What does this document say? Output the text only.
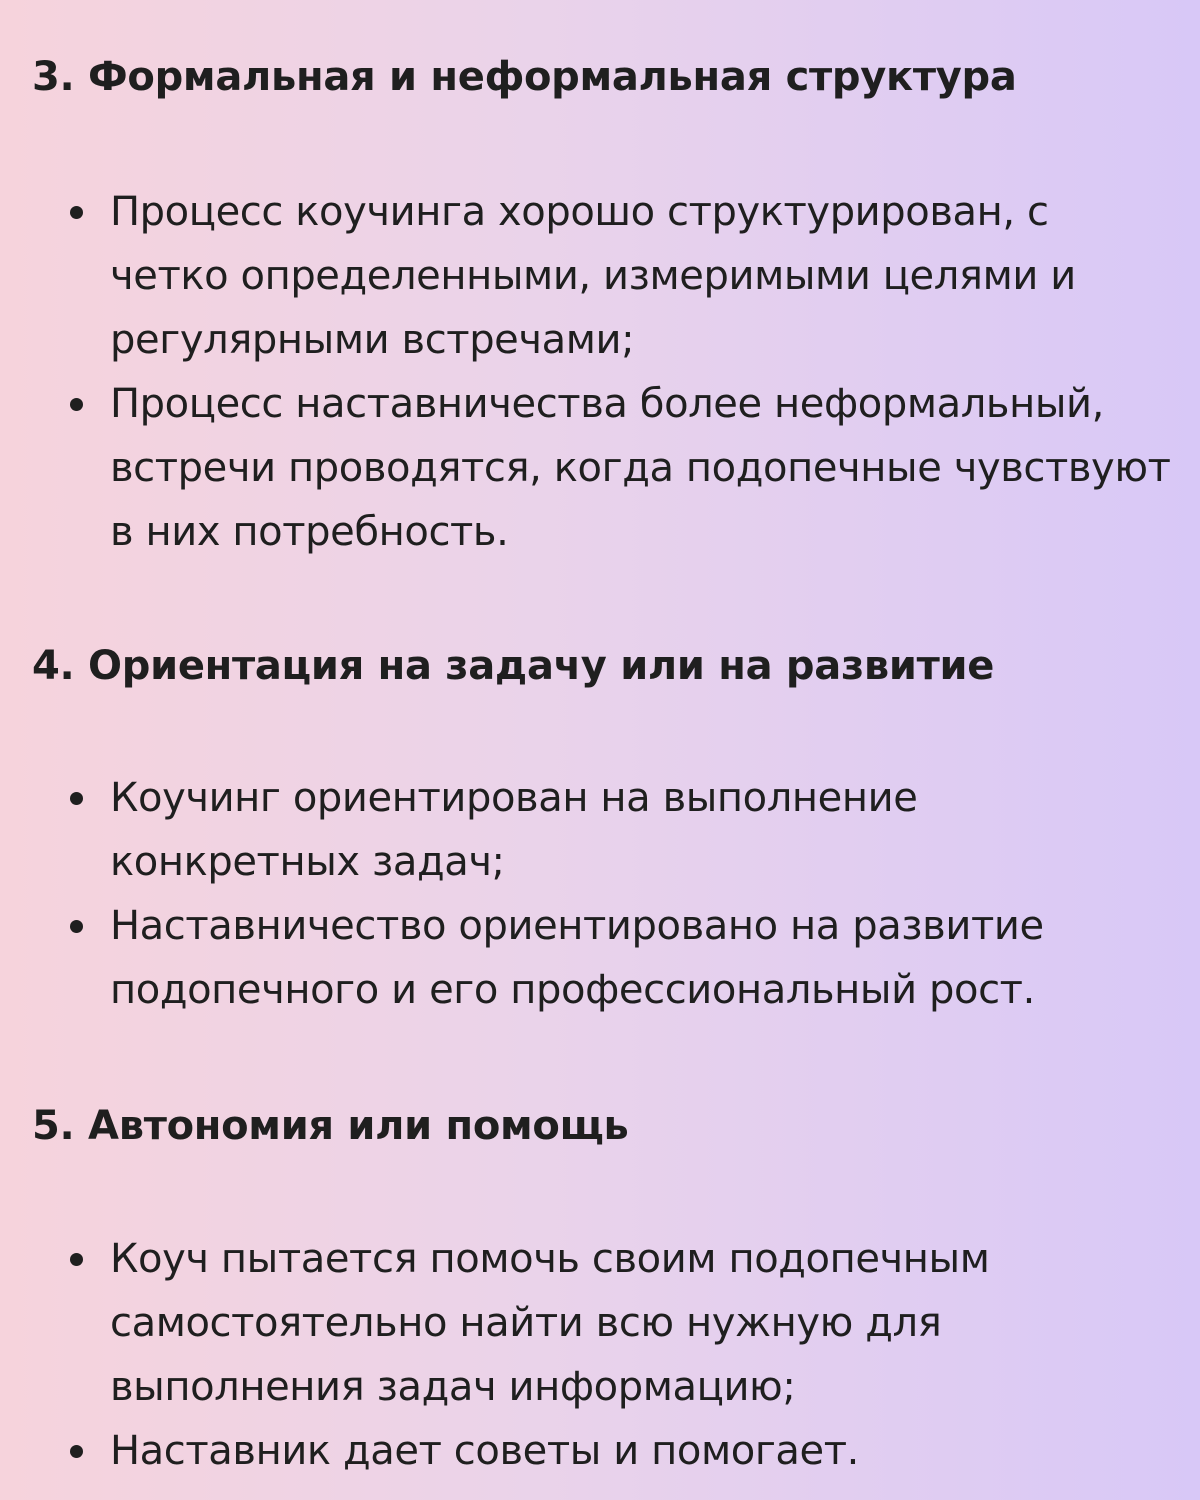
3. Формальная и неформальная структура
Процесс коучинга хорошо структурирован, с четко определенными, измеримыми целями и регулярными встречами;
Процесс наставничества более неформальный, встречи проводятся, когда подопечные чувствуют в них потребность.
4. Ориентация на задачу или на развитие
Коучинг ориентирован на выполнение конкретных задач;
Наставничество ориентировано на развитие подопечного и его профессиональный рост.
5. Автономия или помощь
Коуч пытается помочь своим подопечным самостоятельно найти всю нужную для выполнения задач информацию;
Наставник дает советы и помогает.
